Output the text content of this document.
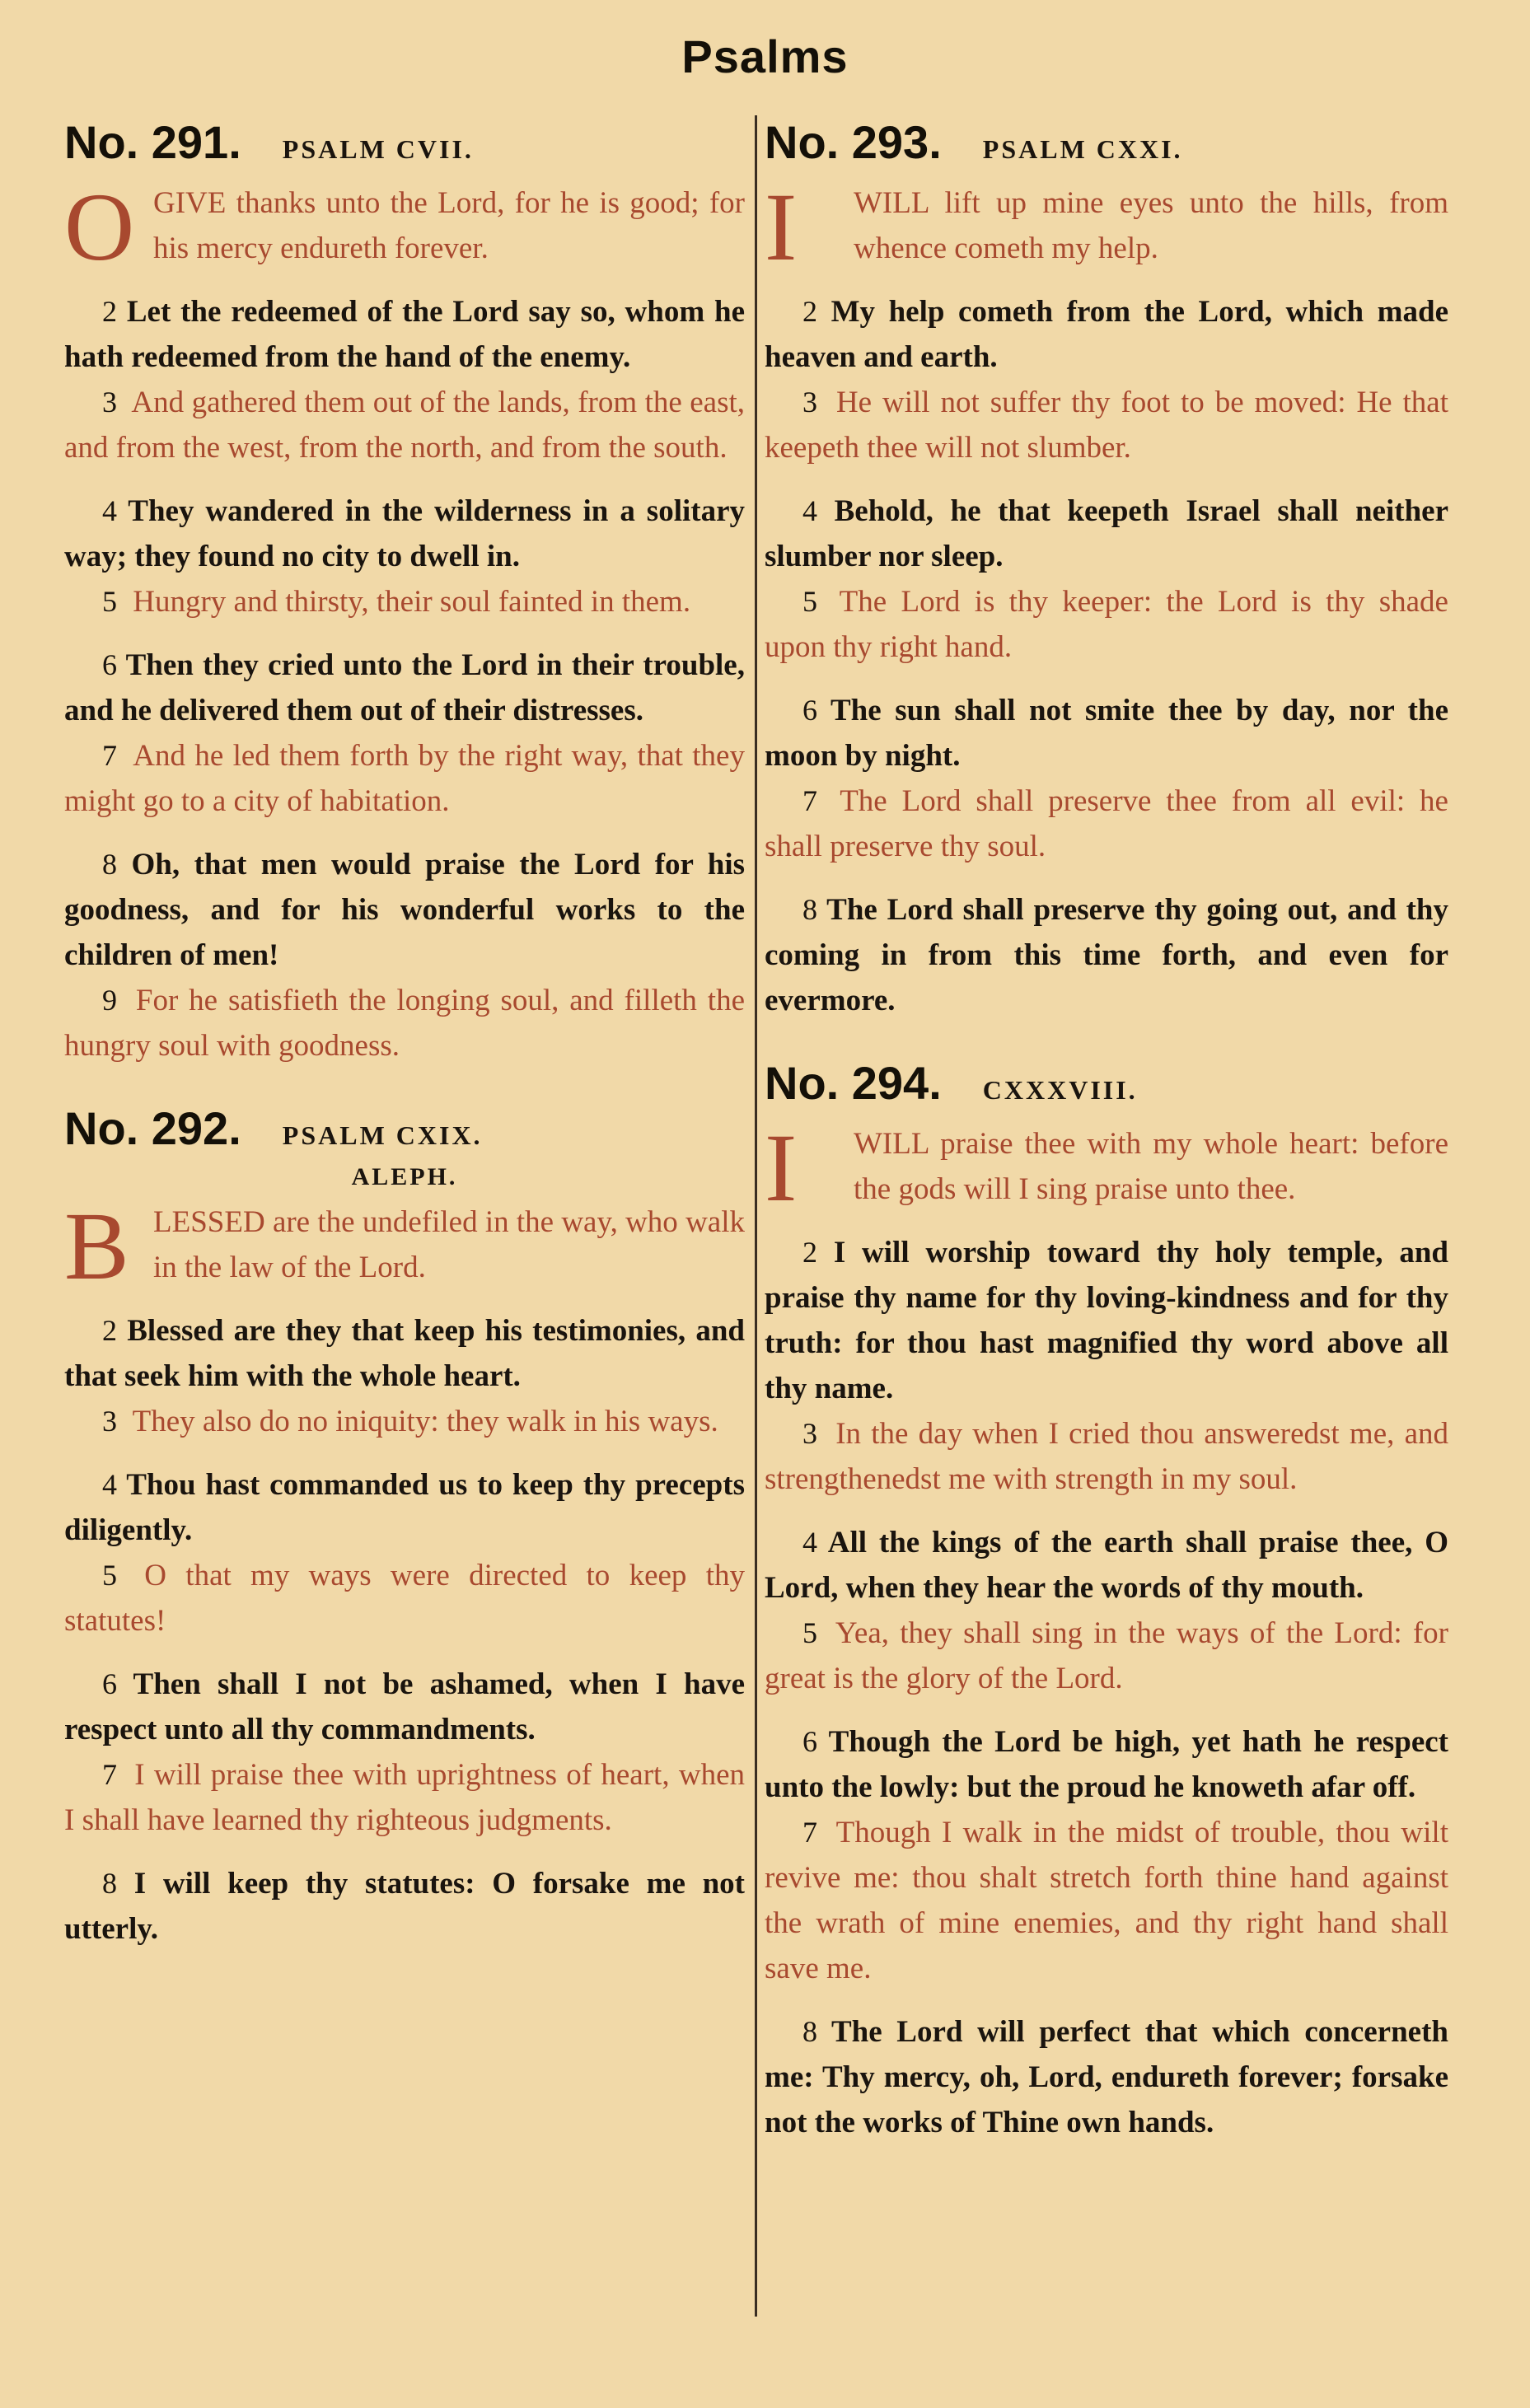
Psalms
No. 291. PSALM CVII.

O GIVE thanks unto the Lord, for he is good; for his mercy endureth forever.

2 Let the redeemed of the Lord say so, whom he hath redeemed from the hand of the enemy.

3 And gathered them out of the lands, from the east, and from the west, from the north, and from the south.

4 They wandered in the wilderness in a solitary way; they found no city to dwell in.

5 Hungry and thirsty, their soul fainted in them.

6 Then they cried unto the Lord in their trouble, and he delivered them out of their distresses.

7 And he led them forth by the right way, that they might go to a city of habitation.

8 Oh, that men would praise the Lord for his goodness, and for his wonderful works to the children of men!

9 For he satisfieth the longing soul, and filleth the hungry soul with goodness.

No. 292. PSALM CXIX.
ALEPH.

B LESSED are the undefiled in the way, who walk in the law of the Lord.

2 Blessed are they that keep his testimonies, and that seek him with the whole heart.

3 They also do no iniquity: they walk in his ways.

4 Thou hast commanded us to keep thy precepts diligently.

5 O that my ways were directed to keep thy statutes!

6 Then shall I not be ashamed, when I have respect unto all thy commandments.

7 I will praise thee with uprightness of heart, when I shall have learned thy righteous judgments.

8 I will keep thy statutes: O forsake me not utterly.

No. 293. PSALM CXXI.

I WILL lift up mine eyes unto the hills, from whence cometh my help.

2 My help cometh from the Lord, which made heaven and earth.

3 He will not suffer thy foot to be moved: He that keepeth thee will not slumber.

4 Behold, he that keepeth Israel shall neither slumber nor sleep.

5 The Lord is thy keeper: the Lord is thy shade upon thy right hand.

6 The sun shall not smite thee by day, nor the moon by night.

7 The Lord shall preserve thee from all evil: he shall preserve thy soul.

8 The Lord shall preserve thy going out, and thy coming in from this time forth, and even for evermore.

No. 294. CXXXVIII.

I WILL praise thee with my whole heart: before the gods will I sing praise unto thee.

2 I will worship toward thy holy temple, and praise thy name for thy loving-kindness and for thy truth: for thou hast magnified thy word above all thy name.

3 In the day when I cried thou answeredst me, and strengthenedst me with strength in my soul.

4 All the kings of the earth shall praise thee, O Lord, when they hear the words of thy mouth.

5 Yea, they shall sing in the ways of the Lord: for great is the glory of the Lord.

6 Though the Lord be high, yet hath he respect unto the lowly: but the proud he knoweth afar off.

7 Though I walk in the midst of trouble, thou wilt revive me: thou shalt stretch forth thine hand against the wrath of mine enemies, and thy right hand shall save me.

8 The Lord will perfect that which concerneth me: Thy mercy, oh, Lord, endureth forever; forsake not the works of Thine own hands.
